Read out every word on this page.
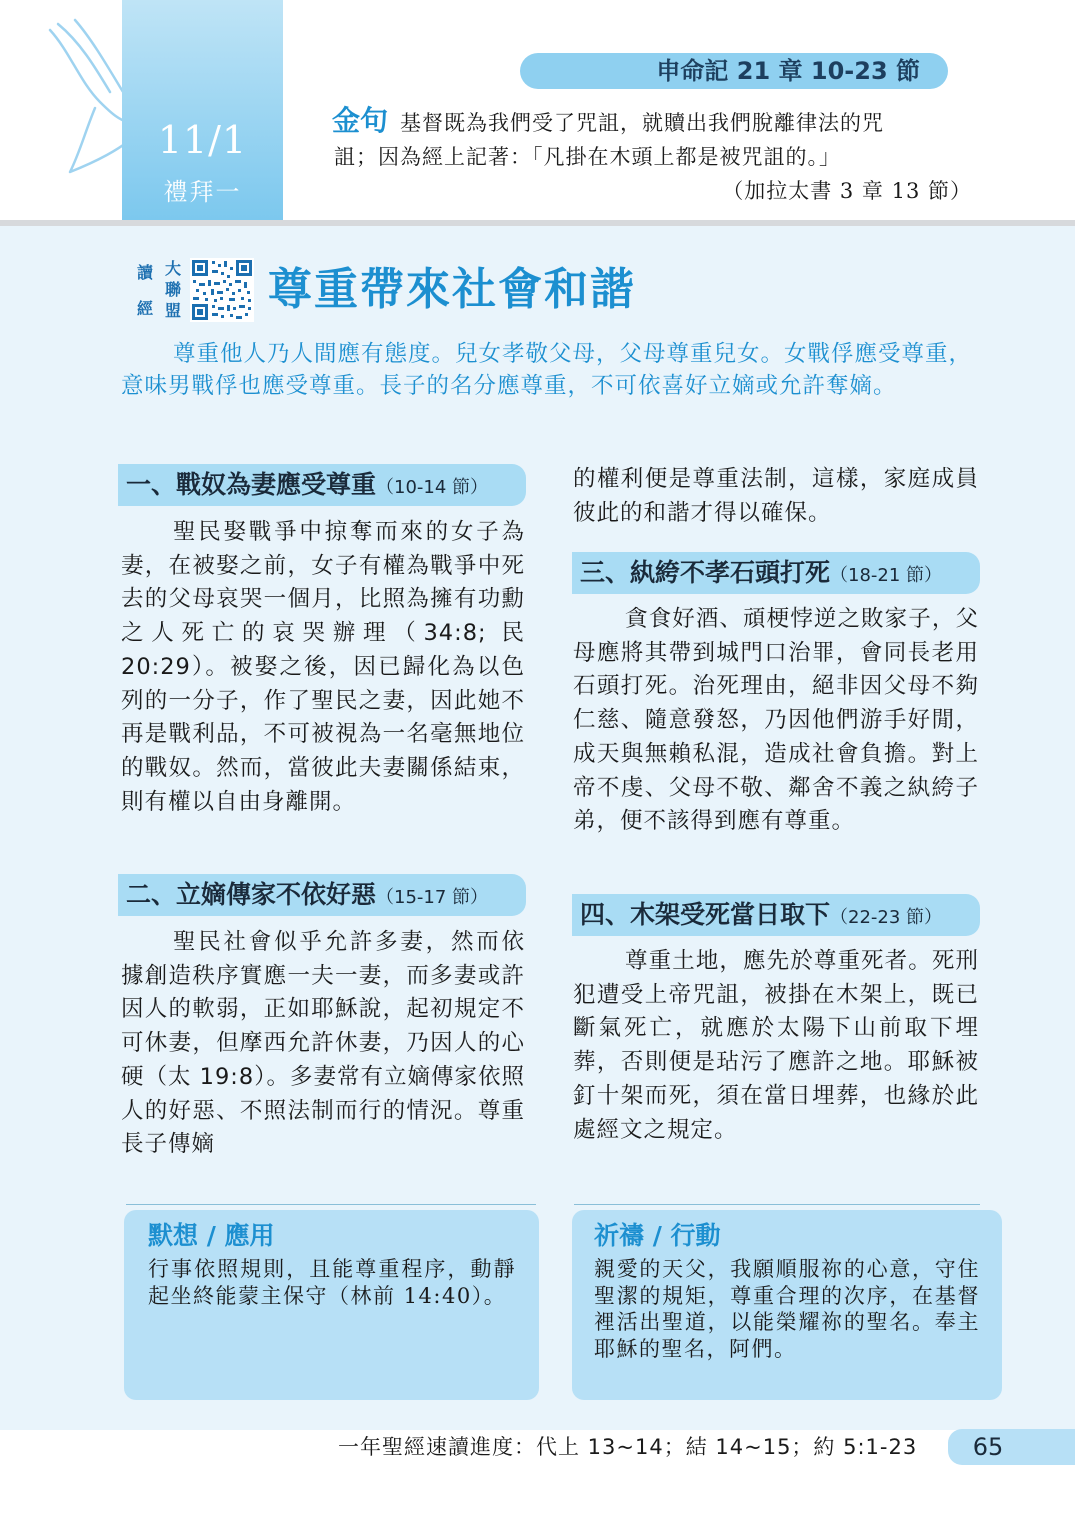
11/1
禮拜一
申命記 21 章 10-23 節
金句 基督既為我們受了咒詛，就贖出我們脫離律法的咒
詛；因為經上記著：「凡掛在木頭上都是被咒詛的。」
（加拉太書 3 章 13 節）
讀
經
大
聯
盟 尊重帶來社會和諧
尊重他人乃人間應有態度。兒女孝敬父母，父母尊重兒女。女戰俘應受尊重，意味男戰俘也應受尊重。長子的名分應尊重，不可依喜好立嫡或允許奪嫡。
一、戰奴為妻應受尊重（10-14 節）

聖民娶戰爭中掠奪而來的女子為妻，在被娶之前，女子有權為戰爭中死去的父母哀哭一個月，比照為擁有功勳之人死亡的哀哭辦理（34:8; 民 20:29）。被娶之後，因已歸化為以色列的一分子，作了聖民之妻，因此她不再是戰利品，不可被視為一名毫無地位的戰奴。然而，當彼此夫妻關係結束，則有權以自由身離開。

二、立嫡傳家不依好惡（15-17 節）

聖民社會似乎允許多妻，然而依據創造秩序實應一夫一妻，而多妻或許因人的軟弱，正如耶穌說，起初規定不可休妻，但摩西允許休妻，乃因人的心硬（太 19:8）。多妻常有立嫡傳家依照人的好惡、不照法制而行的情況。尊重長子傳嫡

的權利便是尊重法制，這樣，家庭成員彼此的和諧才得以確保。

三、紈絝不孝石頭打死（18-21 節）

貪食好酒、頑梗悖逆之敗家子，父母應將其帶到城門口治罪，會同長老用石頭打死。治死理由，絕非因父母不夠仁慈、隨意發怒，乃因他們游手好閒，成天與無賴私混，造成社會負擔。對上帝不虔、父母不敬、鄰舍不義之紈絝子弟，便不該得到應有尊重。

四、木架受死當日取下（22-23 節）

尊重土地，應先於尊重死者。死刑犯遭受上帝咒詛，被掛在木架上，既已斷氣死亡，就應於太陽下山前取下埋葬，否則便是玷污了應許之地。耶穌被釘十架而死，須在當日埋葬，也緣於此處經文之規定。

默想 / 應用
行事依照規則，且能尊重程序，動靜起坐終能蒙主保守（林前 14:40）。
祈禱 / 行動
親愛的天父，我願順服祢的心意，守住聖潔的規矩，尊重合理的次序，在基督裡活出聖道，以能榮耀祢的聖名。奉主耶穌的聖名，阿們。
一年聖經速讀進度：代上 13~14；結 14~15；約 5:1-23	65
